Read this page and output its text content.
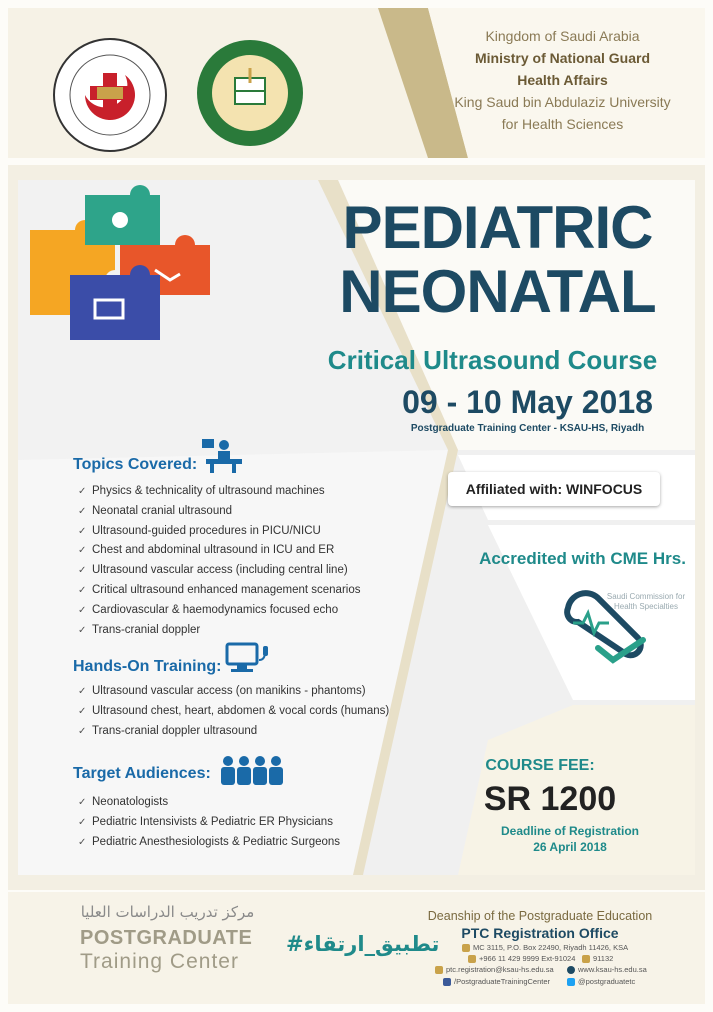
Kingdom of Saudi Arabia
Ministry of National Guard
Health Affairs
King Saud bin Abdulaziz University
for Health Sciences
PEDIATRIC
NEONATAL
Critical Ultrasound Course
09 - 10 May 2018
Postgraduate Training Center - KSAU-HS, Riyadh
Affiliated with: WINFOCUS
Accredited with CME Hrs.
Saudi Commission for Health Specialties
COURSE FEE:
SR 1200
Deadline of Registration
26 April 2018
Topics Covered:
✓ Physics & technicality of ultrasound machines
✓ Neonatal cranial ultrasound
✓ Ultrasound-guided procedures in PICU/NICU
✓ Chest and abdominal ultrasound in ICU and ER
✓ Ultrasound vascular access (including central line)
✓ Critical ultrasound enhanced management scenarios
✓ Cardiovascular & haemodynamics focused echo
✓ Trans-cranial doppler
Hands-On Training:
✓ Ultrasound vascular access (on manikins - phantoms)
✓ Ultrasound chest, heart, abdomen & vocal cords (humans)
✓ Trans-cranial doppler ultrasound
Target Audiences:
✓ Neonatologists
✓ Pediatric Intensivists & Pediatric ER Physicians
✓ Pediatric Anesthesiologists & Pediatric Surgeons
مركز تدريب الدراسات العليا
POSTGRADUATE
Training Center
#تطبيق_ارتقاء
Deanship of the Postgraduate Education
PTC Registration Office
MC 3115, P.O. Box 22490, Riyadh 11426, KSA
+966 11 429 9999 Ext-91024	91132
ptc.registration@ksau-hs.edu.sa	www.ksau-hs.edu.sa
/PostgraduateTrainingCenter	@postgraduatetc
